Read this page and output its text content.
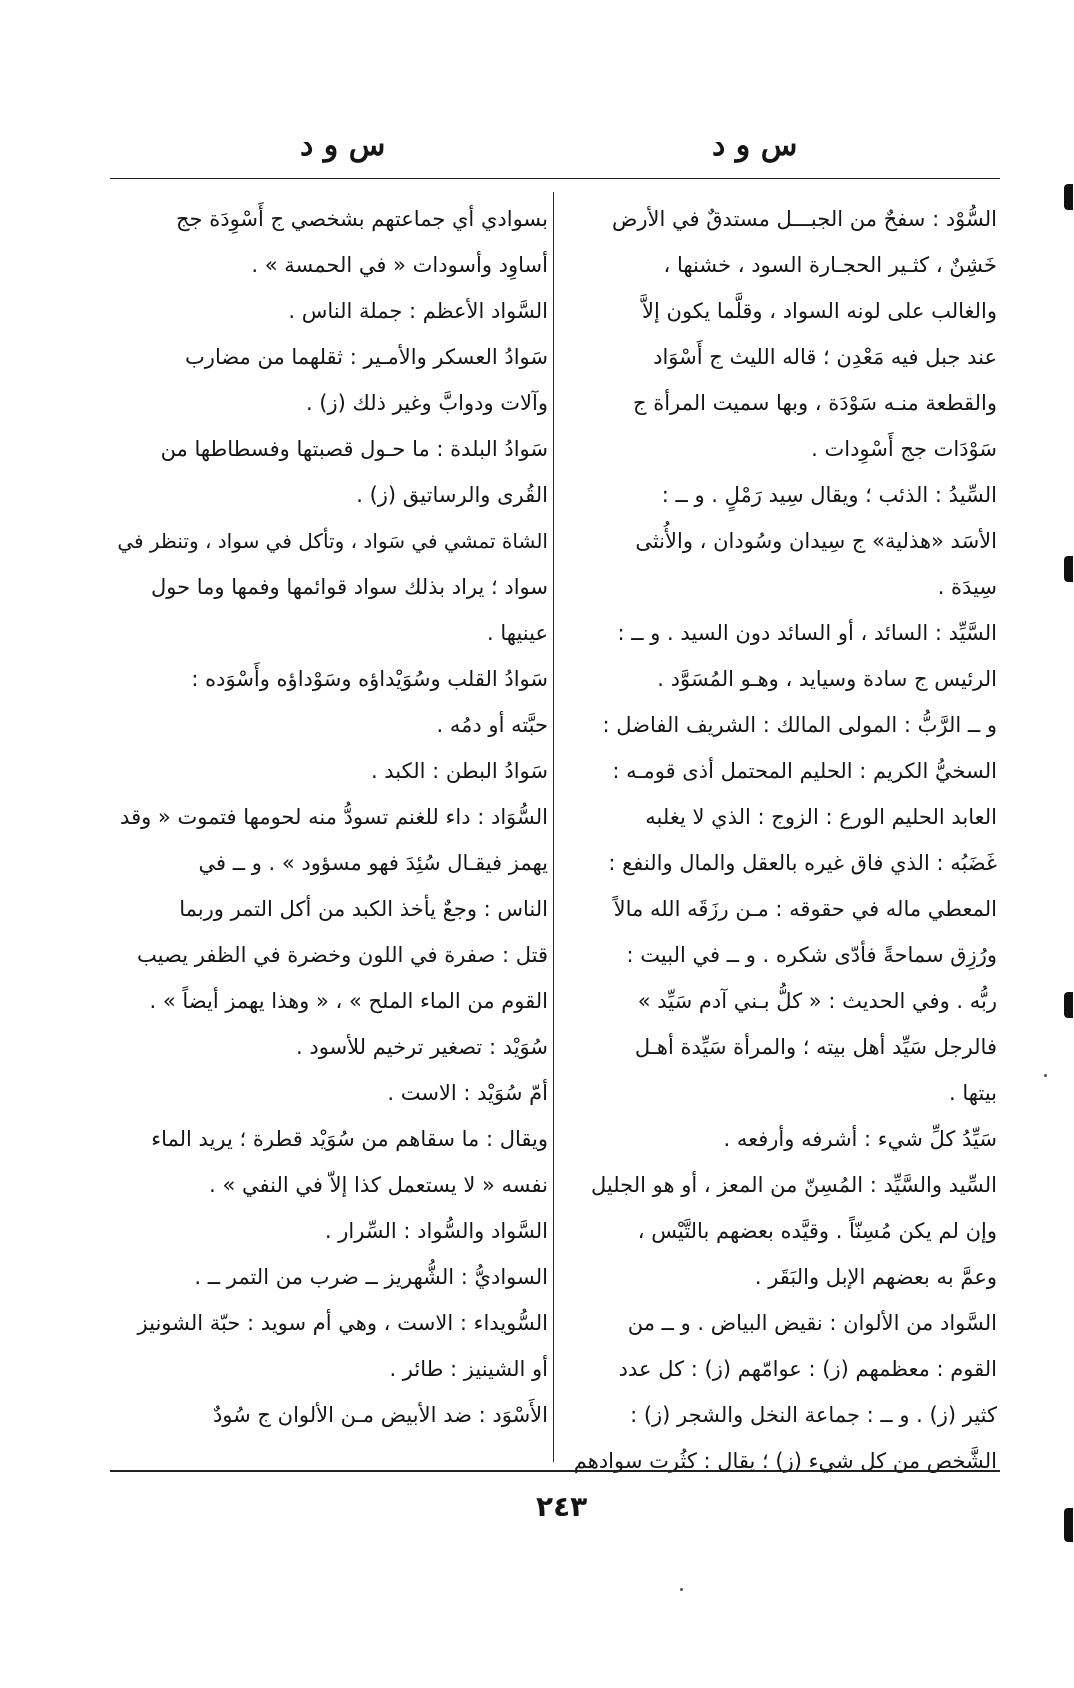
س و د
س و د
السُّوْد : سفحٌ من الجبـــل مستدقٌ في الأرض
خَشِنٌ ، كثـير الحجـارة السود ، خشنها ،
والغالب على لونه السواد ، وقلَّما يكون إلاَّ
عند جبل فيه مَعْدِن ؛ قاله الليث ج أَسْوَاد
والقطعة منـه سَوْدَة ، وبها سميت المرأة ج
سَوْدَات جج أَسْوِدات .
السِّيدُ : الذئب ؛ ويقال سِيد رَمْلٍ . و ــ :
الأسَد «هذلية» ج سِيدان وسُودان ، والأُنثى
سِيدَة .
السَّيِّد : السائد ، أو السائد دون السيد . و ــ :
الرئيس ج سادة وسيايد ، وهـو المُسَوَّد .
و ــ الرَّبُّ : المولى المالك : الشريف الفاضل :
السخيُّ الكريم : الحليم المحتمل أذى قومـه :
العابد الحليم الورع : الزوج : الذي لا يغلبه
غَضَبُه : الذي فاق غيره بالعقل والمال والنفع :
المعطي ماله في حقوقه : مـن رزَقَه الله مالاً
ورُزِق سماحةً فأدّى شكره . و ــ في البيت :
ربُّه . وفي الحديث : « كلُّ بـني آدم سَيِّد »
فالرجل سَيِّد أهل بيته ؛ والمرأة سَيِّدة أهـل
بيتها .
سَيِّدُ كلِّ شيء : أشرفه وأرفعه .
السِّيد والسَّيِّد : المُسِنّ من المعز ، أو هو الجليل
وإن لم يكن مُسِنّاً . وقيَّده بعضهم بالتَّيْس ،
وعمَّ به بعضهم الإبل والبَقَر .
السَّواد من الألوان : نقيض البياض . و ــ من
القوم : معظمهم (ز) : عوامّهم (ز) : كل عدد
كثير (ز) . و ــ : جماعة النخل والشجر (ز) :
الشَّخص من كل شيء (ز) ؛ يقال : كثُرت سوادهم
بسوادي أي جماعتهم بشخصي ج أَسْوِدَة جج
أساوِد وأسودات « في الحمسة » .
السَّواد الأعظم : جملة الناس .
سَوادُ العسكر والأمـير : ثقلهما من مضارب
وآلات ودوابَّ وغير ذلك (ز) .
سَوادُ البلدة : ما حـول قصبتها وفسطاطها من
القُرى والرساتيق (ز) .
الشاة تمشي في سَواد ، وتأكل في سواد ، وتنظر في
سواد ؛ يراد بذلك سواد قوائمها وفمها وما حول
عينيها .
سَوادُ القلب وسُوَيْداؤه وسَوْداؤه وأَسْوَده :
حبَّته أو دمُه .
سَوادُ البطن : الكبد .
السُّوَاد : داء للغنم تسودُّ منه لحومها فتموت « وقد
يهمز فيقـال سُئِدَ فهو مسؤود » . و ــ في
الناس : وجعٌ يأخذ الكبد من أكل التمر وربما
قتل : صفرة في اللون وخضرة في الظفر يصيب
القوم من الماء الملح » ، « وهذا يهمز أيضاً » .
سُوَيْد : تصغير ترخيم للأسود .
أمّ سُوَيْد : الاست .
ويقال : ما سقاهم من سُوَيْد قطرة ؛ يريد الماء
نفسه « لا يستعمل كذا إلاّ في النفي » .
السَّواد والسُّواد : السِّرار .
السواديُّ : الشُّهريز ــ ضرب من التمر ــ .
السُّويداء : الاست ، وهي أم سويد : حبّة الشونيز
أو الشينيز : طائر .
الأَسْوَد : ضد الأبيض مـن الألوان ج سُودٌ
٢٤٣
